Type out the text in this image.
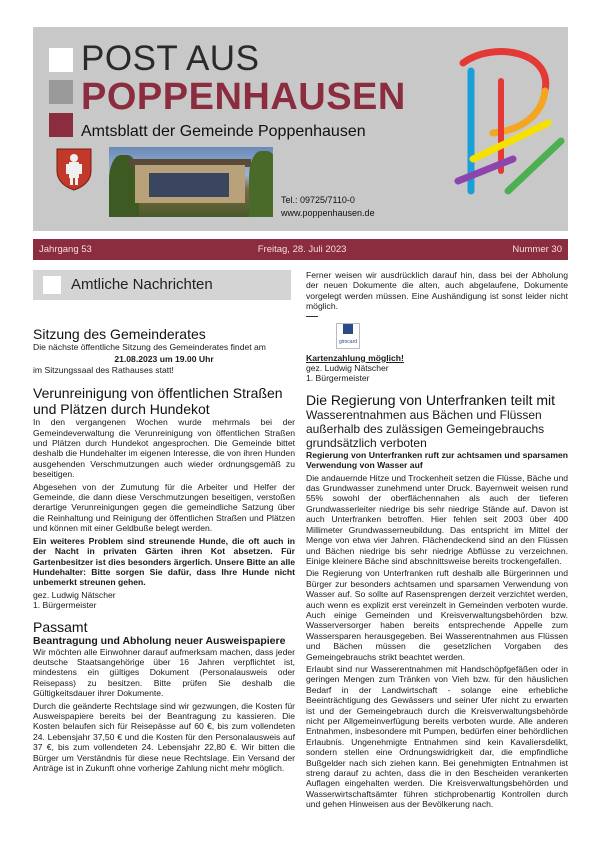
POST AUS
POPPENHAUSEN
Amtsblatt der Gemeinde Poppenhausen
Tel.: 09725/7110-0
www.poppenhausen.de
Jahrgang 53	Freitag, 28. Juli 2023	Nummer 30
Amtliche Nachrichten
Sitzung des Gemeinderates
Die nächste öffentliche Sitzung des Gemeinderates findet am
21.08.2023 um 19.00 Uhr
im Sitzungssaal des Rathauses statt!
Verunreinigung von öffentlichen Straßen und Plätzen durch Hundekot
In den vergangenen Wochen wurde mehrmals bei der Gemeindeverwaltung die Verunreinigung von öffentlichen Straßen und Plätzen durch Hundekot angesprochen. Die Gemeinde bittet deshalb die Hundehalter im eigenen Interesse, die von ihren Hunden ausgehenden Verschmutzungen auch wieder ordnungsgemäß zu beseitigen.
Abgesehen von der Zumutung für die Arbeiter und Helfer der Gemeinde, die dann diese Verschmutzungen beseitigen, verstoßen derartige Verunreinigungen gegen die gemeindliche Satzung über die Reinhaltung und Reinigung der öffentlichen Straßen und Plätzen und können mit einer Geldbuße belegt werden.
Ein weiteres Problem sind streunende Hunde, die oft auch in der Nacht in privaten Gärten ihren Kot absetzen. Für Gartenbesitzer ist dies besonders ärgerlich. Unsere Bitte an alle Hundehalter: Bitte sorgen Sie dafür, dass Ihre Hunde nicht unbemerkt streunen gehen.
gez. Ludwig Nätscher
1. Bürgermeister
Passamt
Beantragung und Abholung neuer Ausweispapiere
Wir möchten alle Einwohner darauf aufmerksam machen, dass jeder deutsche Staatsangehörige über 16 Jahren verpflichtet ist, mindestens ein gültiges Dokument (Personalausweis oder Reisepass) zu besitzen. Bitte prüfen Sie deshalb die Gültigkeitsdauer ihrer Dokumente.
Durch die geänderte Rechtslage sind wir gezwungen, die Kosten für Ausweispapiere bereits bei der Beantragung zu kassieren. Die Kosten belaufen sich für Reisepässe auf 60 €, bis zum vollendeten 24. Lebensjahr 37,50 € und die Kosten für den Personalausweis auf 37 €, bis zum vollendeten 24. Lebensjahr 22,80 €. Wir bitten die Bürger um Verständnis für diese neue Rechtslage. Ein Versand der Anträge ist in Zukunft ohne vorherige Zahlung nicht mehr möglich.
Ferner weisen wir ausdrücklich darauf hin, dass bei der Abholung der neuen Dokumente die alten, auch abgelaufene, Dokumente vorgelegt werden müssen. Eine Aushändigung ist sonst leider nicht möglich.
girocard
Kartenzahlung möglich!
gez. Ludwig Nätscher
1. Bürgermeister
Die Regierung von Unterfranken teilt mit
Wasserentnahmen aus Bächen und Flüssen außerhalb des zulässigen Gemeingebrauchs grundsätzlich verboten
Regierung von Unterfranken ruft zur achtsamen und sparsamen Verwendung von Wasser auf
Die andauernde Hitze und Trockenheit setzen die Flüsse, Bäche und das Grundwasser zunehmend unter Druck. Bayernweit weisen rund 55% sowohl der oberflächennahen als auch der tieferen Grundwasserleiter niedrige bis sehr niedrige Stände auf. Davon ist auch Unterfranken betroffen. Hier fehlen seit 2003 über 400 Millimeter Grundwasserneubildung. Das entspricht im Mittel der Menge von etwa vier Jahren. Flächendeckend sind an den Flüssen und Bächen niedrige bis sehr niedrige Abflüsse zu verzeichnen. Einige kleinere Bäche sind abschnittsweise bereits trockengefallen.
Die Regierung von Unterfranken ruft deshalb alle Bürgerinnen und Bürger zur besonders achtsamen und sparsamen Verwendung von Wasser auf. So sollte auf Rasensprengen derzeit verzichtet werden, auch wenn es explizit erst vereinzelt in Gemeinden verboten wurde. Auch einige Gemeinden und Kreisverwaltungsbehörden bzw. Wasserversorger haben bereits entsprechende Appelle zum Wassersparen herausgegeben. Bei Wasserentnahmen aus Flüssen und Bächen müssen die gesetzlichen Vorgaben des Gemeingebrauchs strikt beachtet werden.
Erlaubt sind nur Wasserentnahmen mit Handschöpfgefäßen oder in geringen Mengen zum Tränken von Vieh bzw. für den häuslichen Bedarf in der Landwirtschaft - solange eine erhebliche Beeinträchtigung des Gewässers und seiner Ufer nicht zu erwarten ist und der Gemeingebrauch durch die Kreisverwaltungsbehörde nicht per Allgemeinverfügung bereits verboten wurde. Alle anderen Entnahmen, insbesondere mit Pumpen, bedürfen einer behördlichen Erlaubnis. Ungenehmigte Entnahmen sind kein Kavaliersdelikt, sondern stellen eine Ordnungswidrigkeit dar, die empfindliche Bußgelder nach sich ziehen kann. Bei genehmigten Entnahmen ist streng darauf zu achten, dass die in den Bescheiden verankerten Auflagen eingehalten werden. Die Kreisverwaltungsbehörden und Wasserwirtschaftsämter führen stichprobenartig Kontrollen durch und gehen Hinweisen aus der Bevölkerung nach.
